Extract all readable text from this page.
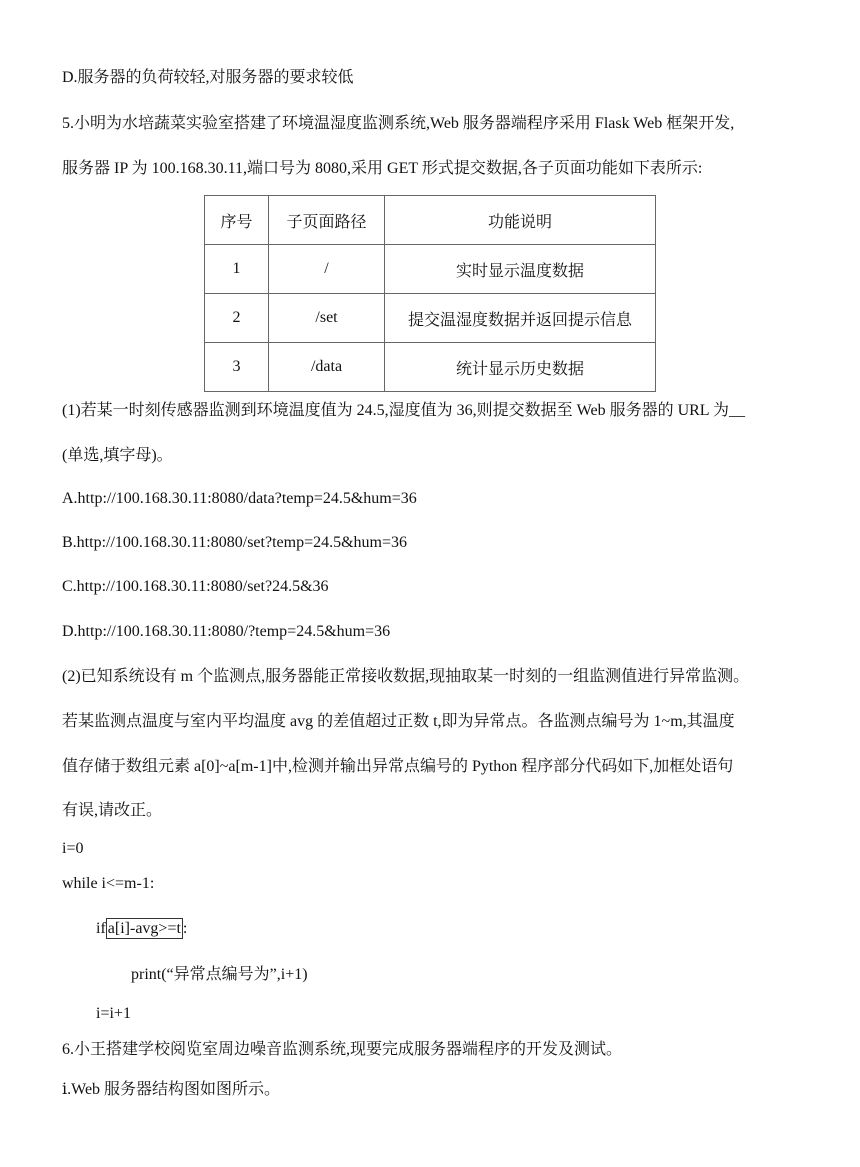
D.服务器的负荷较轻,对服务器的要求较低
5.小明为水培蔬菜实验室搭建了环境温湿度监测系统,Web 服务器端程序采用 Flask Web 框架开发,
服务器 IP 为 100.168.30.11,端口号为 8080,采用 GET 形式提交数据,各子页面功能如下表所示:
序号	子页面路径	功能说明
1	/	实时显示温度数据
2	/set	提交温湿度数据并返回提示信息
3	/data	统计显示历史数据
(1)若某一时刻传感器监测到环境温度值为 24.5,湿度值为 36,则提交数据至 Web 服务器的 URL 为__
(单选,填字母)。
A.http://100.168.30.11:8080/data?temp=24.5&hum=36
B.http://100.168.30.11:8080/set?temp=24.5&hum=36
C.http://100.168.30.11:8080/set?24.5&36
D.http://100.168.30.11:8080/?temp=24.5&hum=36
(2)已知系统设有 m 个监测点,服务器能正常接收数据,现抽取某一时刻的一组监测值进行异常监测。
若某监测点温度与室内平均温度 avg 的差值超过正数 t,即为异常点。各监测点编号为 1~m,其温度
值存储于数组元素 a[0]~a[m-1]中,检测并输出异常点编号的 Python 程序部分代码如下,加框处语句
有误,请改正。
i=0
while i<=m-1:
if a[i]-avg>=t :
print(“异常点编号为”,i+1)
i=i+1
6.小王搭建学校阅览室周边噪音监测系统,现要完成服务器端程序的开发及测试。
ⅰ.Web 服务器结构图如图所示。
